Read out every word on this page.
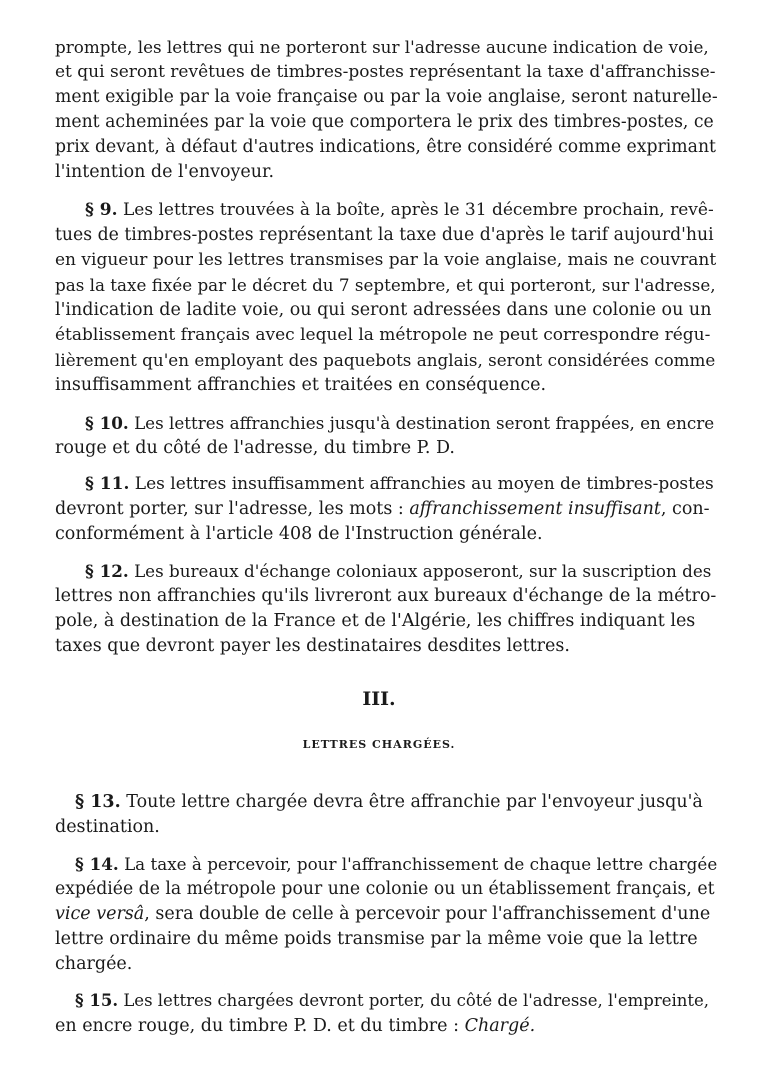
prompte, les lettres qui ne porteront sur l'adresse aucune indication de voie,
et qui seront revêtues de timbres-postes représentant la taxe d'affranchisse-
ment exigible par la voie française ou par la voie anglaise, seront naturelle-
ment acheminées par la voie que comportera le prix des timbres-postes, ce
prix devant, à défaut d'autres indications, être considéré comme exprimant
l'intention de l'envoyeur.
§ 9. Les lettres trouvées à la boîte, après le 31 décembre prochain, revê-
tues de timbres-postes représentant la taxe due d'après le tarif aujourd'hui
en vigueur pour les lettres transmises par la voie anglaise, mais ne couvrant
pas la taxe fixée par le décret du 7 septembre, et qui porteront, sur l'adresse,
l'indication de ladite voie, ou qui seront adressées dans une colonie ou un
établissement français avec lequel la métropole ne peut correspondre régu-
lièrement qu'en employant des paquebots anglais, seront considérées comme
insuffisamment affranchies et traitées en conséquence.
§ 10. Les lettres affranchies jusqu'à destination seront frappées, en encre
rouge et du côté de l'adresse, du timbre P. D.
§ 11. Les lettres insuffisamment affranchies au moyen de timbres-postes
devront porter, sur l'adresse, les mots : affranchissement insuffisant, con-
conformément à l'article 408 de l'Instruction générale.
§ 12. Les bureaux d'échange coloniaux apposeront, sur la suscription des
lettres non affranchies qu'ils livreront aux bureaux d'échange de la métro-
pole, à destination de la France et de l'Algérie, les chiffres indiquant les
taxes que devront payer les destinataires desdites lettres.
III.
LETTRES CHARGÉES.
§ 13. Toute lettre chargée devra être affranchie par l'envoyeur jusqu'à
destination.
§ 14. La taxe à percevoir, pour l'affranchissement de chaque lettre chargée
expédiée de la métropole pour une colonie ou un établissement français, et
vice versâ, sera double de celle à percevoir pour l'affranchissement d'une
lettre ordinaire du même poids transmise par la même voie que la lettre
chargée.
§ 15. Les lettres chargées devront porter, du côté de l'adresse, l'empreinte,
en encre rouge, du timbre P. D. et du timbre : Chargé.
